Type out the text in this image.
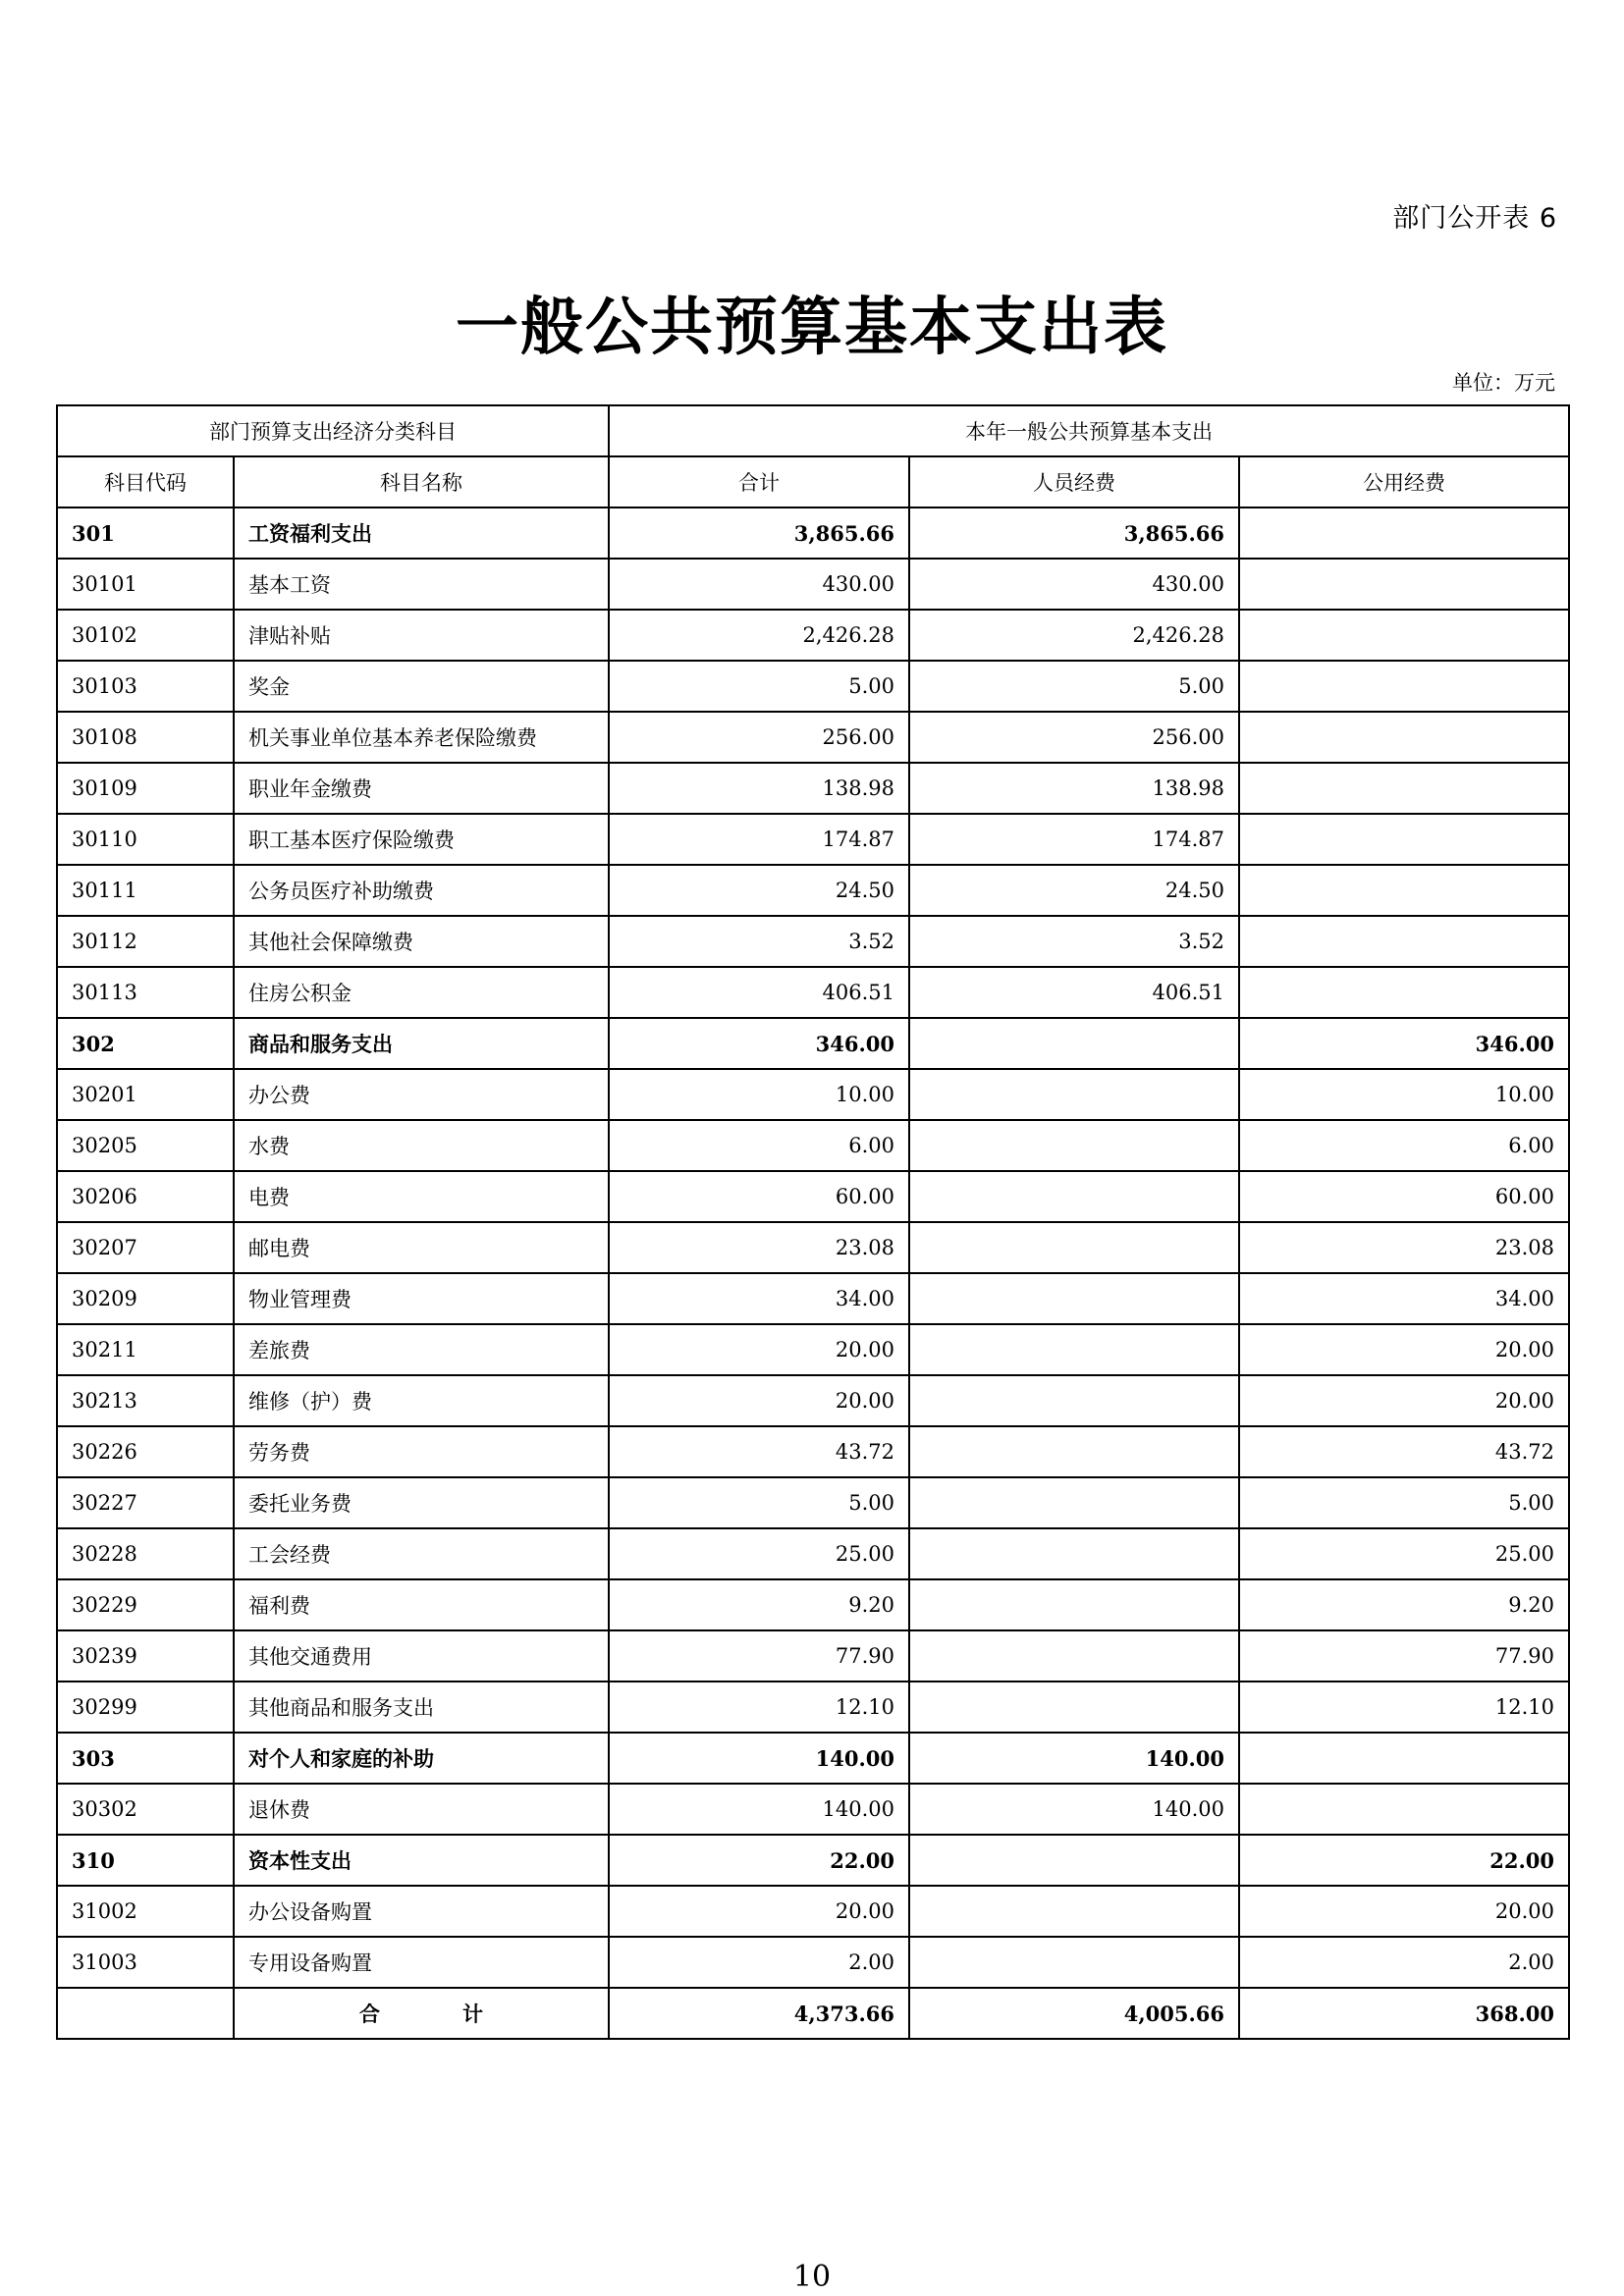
部门公开表 6
一般公共预算基本支出表
单位：万元
部门预算支出经济分类科目		本年一般公共预算基本支出		
科目代码	科目名称	合计	人员经费	公用经费
301	工资福利支出	3,865.66	3,865.66	
30101	基本工资	430.00	430.00	
30102	津贴补贴	2,426.28	2,426.28	
30103	奖金	5.00	5.00	
30108	机关事业单位基本养老保险缴费	256.00	256.00	
30109	职业年金缴费	138.98	138.98	
30110	职工基本医疗保险缴费	174.87	174.87	
30111	公务员医疗补助缴费	24.50	24.50	
30112	其他社会保障缴费	3.52	3.52	
30113	住房公积金	406.51	406.51	
302	商品和服务支出	346.00		346.00
30201	办公费	10.00		10.00
30205	水费	6.00		6.00
30206	电费	60.00		60.00
30207	邮电费	23.08		23.08
30209	物业管理费	34.00		34.00
30211	差旅费	20.00		20.00
30213	维修（护）费	20.00		20.00
30226	劳务费	43.72		43.72
30227	委托业务费	5.00		5.00
30228	工会经费	25.00		25.00
30229	福利费	9.20		9.20
30239	其他交通费用	77.90		77.90
30299	其他商品和服务支出	12.10		12.10
303	对个人和家庭的补助	140.00	140.00	
30302	退休费	140.00	140.00	
310	资本性支出	22.00		22.00
31002	办公设备购置	20.00		20.00
31003	专用设备购置	2.00		2.00
	合　　　　计	4,373.66	4,005.66	368.00
10
